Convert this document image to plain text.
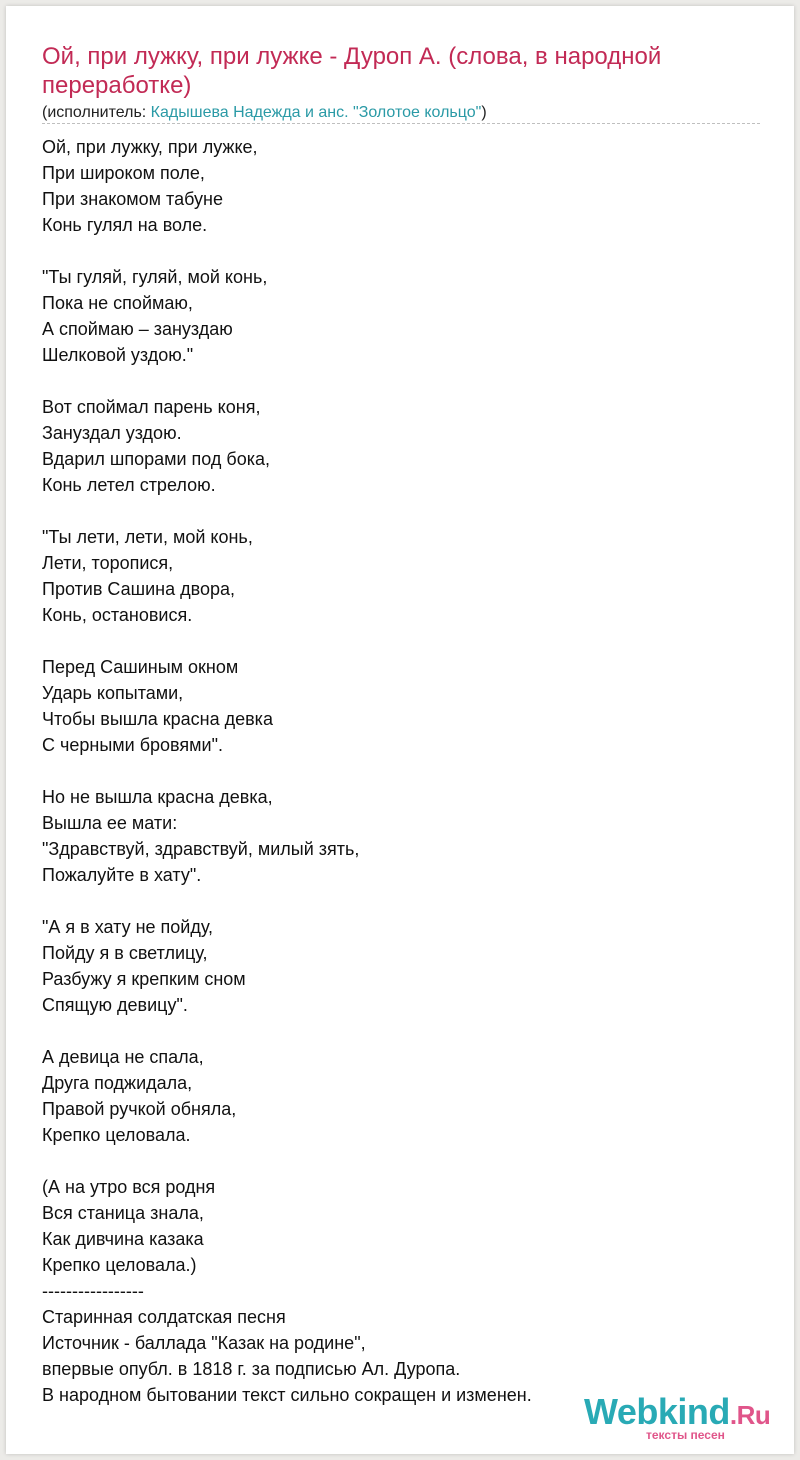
Ой, при лужку, при лужке - Дуроп А. (слова, в народной переработке)
(исполнитель: Кадышева Надежда и анс. "Золотое кольцо")
Ой, при лужку, при лужке,
При широком поле,
При знакомом табуне
Конь гулял на воле.
"Ты гуляй, гуляй, мой конь,
Пока не споймаю,
А споймаю – зануздаю
Шелковой уздою."
Вот споймал парень коня,
Зануздал уздою.
Вдарил шпорами под бока,
Конь летел стрелою.
"Ты лети, лети, мой конь,
Лети, торопися,
Против Сашина двора,
Конь, остановися.
Перед Сашиным окном
Ударь копытами,
Чтобы вышла красна девка
С черными бровями".
Но не вышла красна девка,
Вышла ее мати:
"Здравствуй, здравствуй, милый зять,
Пожалуйте в хату".
"А я в хату не пойду,
Пойду я в светлицу,
Разбужу я крепким сном
Спящую девицу".
А девица не спала,
Друга поджидала,
Правой ручкой обняла,
Крепко целовала.
(А на утро вся родня
Вся станица знала,
Как дивчина казака
Крепко целовала.)
-----------------
Старинная солдатская песня
Источник - баллада "Казак на родине",
впервые опубл. в 1818 г. за подписью Ал. Дуропа.
В народном бытовании текст сильно сокращен и изменен. Webkind.Ru
тексты песен
